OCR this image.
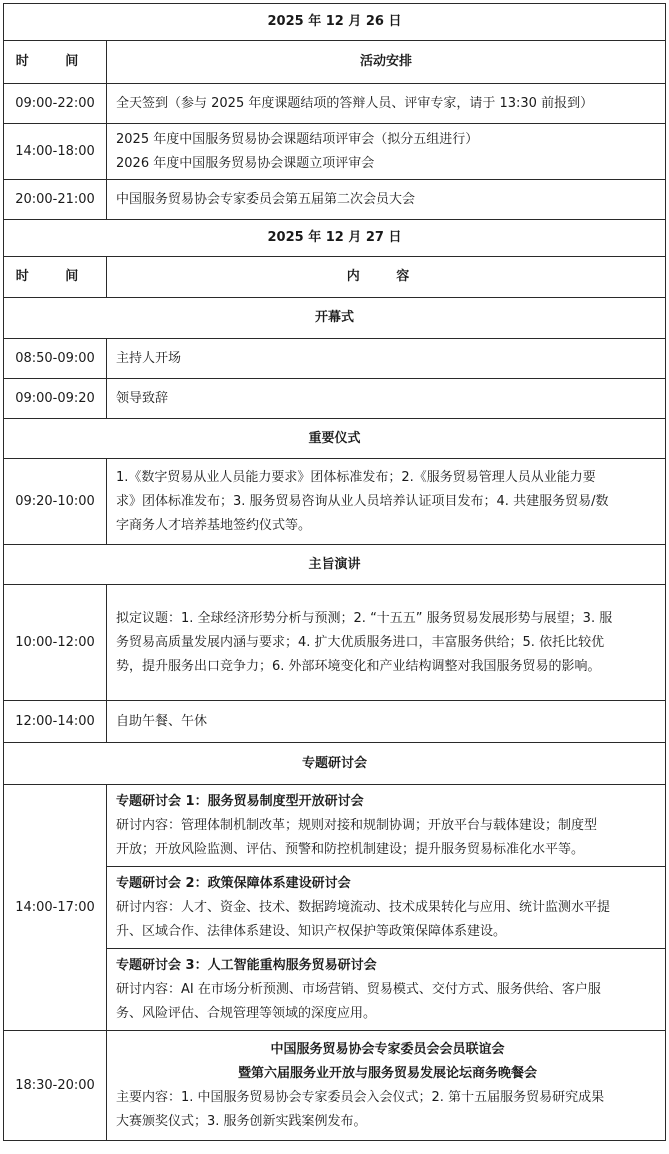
2025 年 12 月 26 日	
时 间	活动安排
09:00-22:00	全天签到（参与 2025 年度课题结项的答辩人员、评审专家，请于 13:30 前报到）

14:00-18:00	2025 年度中国服务贸易协会课题结项评审会（拟分五组进行）
2026 年度中国服务贸易协会课题立项评审会

20:00-21:00	中国服务贸易协会专家委员会第五届第二次会员大会

2025 年 12 月 27 日	
时 间	内 容
开幕式	
08:50-09:00	主持人开场
09:00-09:20	领导致辞
重要仪式	
09:20-10:00	1.《数字贸易从业人员能力要求》团体标准发布；2.《服务贸易管理人员从业能力要
求》团体标准发布；3. 服务贸易咨询从业人员培养认证项目发布；4. 共建服务贸易/数
字商务人才培养基地签约仪式等。

主旨演讲	
10:00-12:00	拟定议题：1. 全球经济形势分析与预测；2. “十五五” 服务贸易发展形势与展望；3. 服
务贸易高质量发展内涵与要求；4. 扩大优质服务进口，丰富服务供给；5. 依托比较优
势，提升服务出口竞争力；6. 外部环境变化和产业结构调整对我国服务贸易的影响。

12:00-14:00	自助午餐、午休
专题研讨会	
14:00-17:00	专题研讨会 1：服务贸易制度型开放研讨会
研讨内容：管理体制机制改革；规则对接和规制协调；开放平台与载体建设；制度型
开放；开放风险监测、评估、预警和防控机制建设；提升服务贸易标准化水平等。

	专题研讨会 2：政策保障体系建设研讨会
研讨内容：人才、资金、技术、数据跨境流动、技术成果转化与应用、统计监测水平提
升、区域合作、法律体系建设、知识产权保护等政策保障体系建设。

	专题研讨会 3：人工智能重构服务贸易研讨会
研讨内容：AI 在市场分析预测、市场营销、贸易模式、交付方式、服务供给、客户服
务、风险评估、合规管理等领域的深度应用。

18:30-20:00	中国服务贸易协会专家委员会会员联谊会
暨第六届服务业开放与服务贸易发展论坛商务晚餐会
主要内容：1. 中国服务贸易协会专家委员会入会仪式；2. 第十五届服务贸易研究成果
大赛颁奖仪式；3. 服务创新实践案例发布。
